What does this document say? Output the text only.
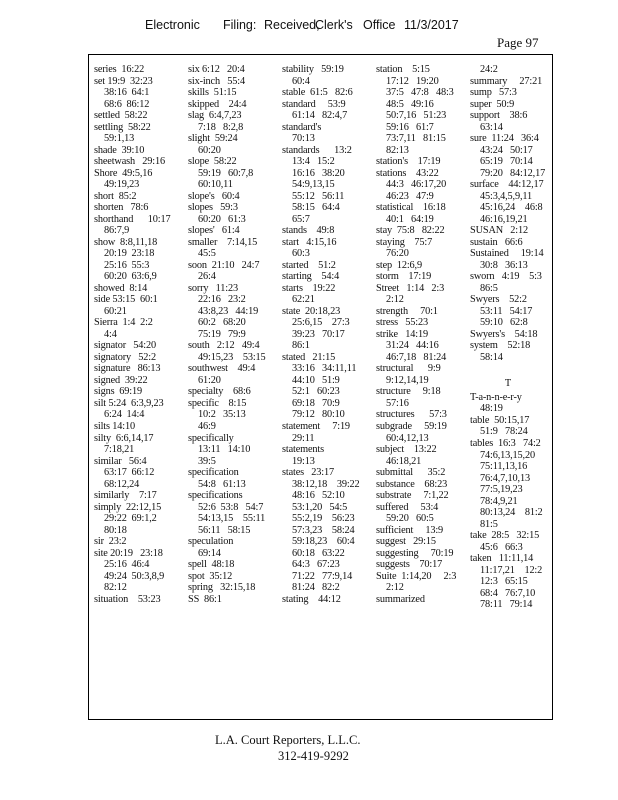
Electronic Filing: Received,
Clerk's Office 11/3/2017
Page 97
series  16:22
set 19:9  32:23
38:16  64:1
68:6  86:12
settled  58:22
settling  58:22
59:1,13
shade  39:10
sheetwash   29:16
Shore  49:5,16
49:19,23
short  85:2
shorten   78:6
shorthand      10:17
86:7,9
show  8:8,11,18
20:19  23:18
25:16  55:3
60:20  63:6,9
showed  8:14
side 53:15  60:1
60:21
Sierra  1:4  2:2
4:4
signator   54:20
signatory   52:2
signature   86:13
signed  39:22
signs  69:19
silt 5:24  6:3,9,23
6:24  14:4
silts 14:10
silty  6:6,14,17
7:18,21
similar   56:4
63:17  66:12
68:12,24
similarly    7:17
simply  22:12,15
29:22  69:1,2
80:18
sir  23:2
site 20:19   23:18
25:16  46:4
49:24  50:3,8,9
82:12
situation    53:23
six 6:12   20:4
six-inch   55:4
skills  51:15
skipped    24:4
slag  6:4,7,23
7:18   8:2,8
slight  59:24
60:20
slope  58:22
59:19   60:7,8
60:10,11
slope's   60:4
slopes   59:3
60:20   61:3
slopes'   61:4
smaller    7:14,15
45:5
soon  21:10   24:7
26:4
sorry   11:23
22:16   23:2
43:8,23   44:19
60:2   68:20
75:19   79:9
south   2:12   49:4
49:15,23    53:15
southwest    49:4
61:20
specialty    68:6
specific    8:15
10:2   35:13
46:9
specifically
13:11   14:10
39:5
specification
54:8   61:13
specifications
52:6  53:8   54:7
54:13,15    55:11
56:11   58:15
speculation
69:14
spell  48:18
spot  35:12
spring   32:15,18
SS  86:1
stability   59:19
60:4
stable  61:5   82:6
standard     53:9
61:14   82:4,7
standard's
70:13
standards      13:2
13:4   15:2
16:16   38:20
54:9,13,15
55:12   56:11
58:15   64:4
65:7
stands    49:8
start   4:15,16
60:3
started    51:2
starting    54:4
starts    19:22
62:21
state  20:18,23
25:6,15    27:3
39:23   70:17
86:1
stated   21:15
33:16   34:11,11
44:10   51:9
52:1   60:23
69:18   70:9
79:12   80:10
statement     7:19
29:11
statements
19:13
states   23:17
38:12,18    39:22
48:16   52:10
53:1,20   54:5
55:2,19    56:23
57:3,23    58:24
59:18,23    60:4
60:18   63:22
64:3   67:23
71:22   77:9,14
81:24   82:2
stating    44:12
station    5:15
17:12   19:20
37:5   47:8   48:3
48:5   49:16
50:7,16   51:23
59:16   61:7
73:7,11   81:15
82:13
station's    17:19
stations    43:22
44:3   46:17,20
46:23   47:9
statistical    16:18
40:1   64:19
stay  75:8   82:22
staying    75:7
76:20
step  12:6,9
storm    17:19
Street   1:14   2:3
2:12
strength     70:1
stress   55:23
strike   14:19
31:24   44:16
46:7,18   81:24
structural      9:9
9:12,14,19
structure     9:18
57:16
structures      57:3
subgrade     59:19
60:4,12,13
subject    13:22
46:18,21
submittal      35:2
substance    68:23
substrate     7:1,22
suffered     53:4
59:20   60:5
sufficient     13:9
suggest   29:15
suggesting     70:19
suggests    70:17
Suite  1:14,20     2:3
2:12
summarized
24:2
summary     27:21
sump   57:3
super  50:9
support    38:6
63:14
sure  11:24   36:4
43:24   50:17
65:19   70:14
79:20   84:12,17
surface    44:12,17
45:3,4,5,9,11
45:16,24    46:8
46:16,19,21
SUSAN   2:12
sustain   66:6
Sustained     19:14
30:8   36:13
sworn   4:19    5:3
86:5
Swyers    52:2
53:11   54:17
59:10   62:8
Swyers's    54:18
system    52:18
58:14
T
T-a-n-n-e-r-y
48:19
table  50:15,17
51:9   78:24
tables  16:3   74:2
74:6,13,15,20
75:11,13,16
76:4,7,10,13
77:5,19,23
78:4,9,21
80:13,24    81:2
81:5
take  28:5   32:15
45:6   66:3
taken   11:11,14
11:17,21    12:2
12:3   65:15
68:4   76:7,10
78:11   79:14
L.A. Court Reporters, L.L.C.
312-419-9292
